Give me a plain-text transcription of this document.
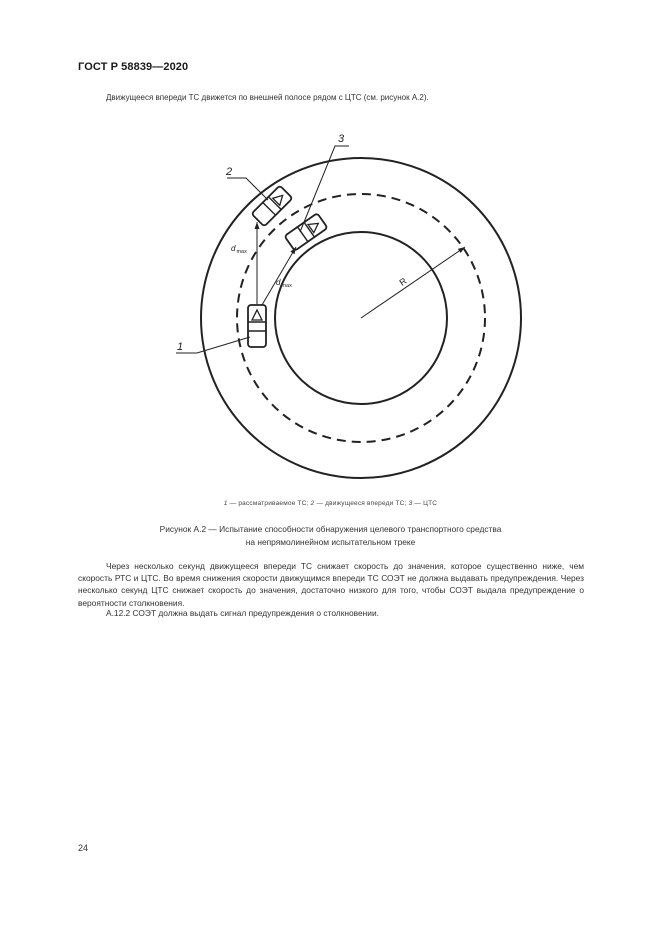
ГОСТ Р 58839—2020
Движущееся впереди ТС движется по внешней полосе рядом с ЦТС (см. рисунок А.2).
R
$d_{max}$
$d_{max}$
2
3
1
1 — рассматриваемое ТС; 2 — движущееся впереди ТС; 3 — ЦТС
Рисунок А.2 — Испытание способности обнаружения целевого транспортного средства
на непрямолинейном испытательном треке
Через несколько секунд движущееся впереди ТС снижает скорость до значения, которое существенно ниже, чем скорость РТС и ЦТС. Во время снижения скорости движущимся впереди ТС СОЭТ не должна выдавать предупреждения. Через несколько секунд ЦТС снижает скорость до значения, достаточно низкого для того, чтобы СОЭТ выдала предупреждение о вероятности столкновения.
А.12.2 СОЭТ должна выдать сигнал предупреждения о столкновении.
24
